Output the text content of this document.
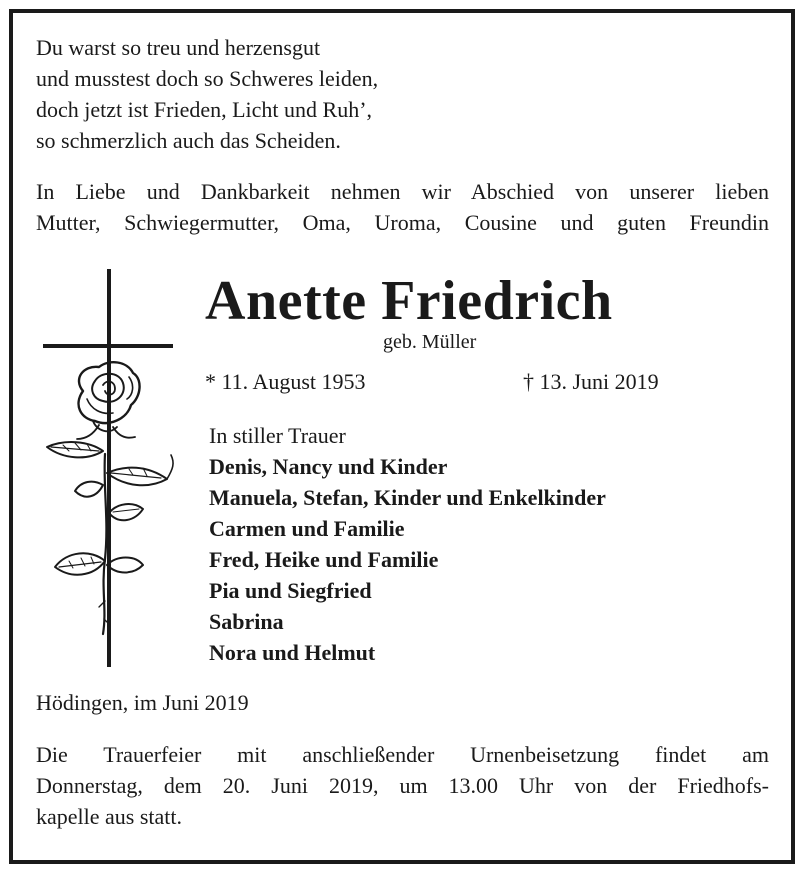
Du warst so treu und herzensgut
und musstest doch so Schweres leiden,
doch jetzt ist Frieden, Licht und Ruh’,
so schmerzlich auch das Scheiden.
In Liebe und Dankbarkeit nehmen wir Abschied von unserer lieben
Mutter, Schwiegermutter, Oma, Uroma, Cousine und guten Freundin
Anette Friedrich
geb. Müller
* 11. August 1953	† 13. Juni 2019
In stiller Trauer
Denis, Nancy und Kinder
Manuela, Stefan, Kinder und Enkelkinder
Carmen und Familie
Fred, Heike und Familie
Pia und Siegfried
Sabrina
Nora und Helmut
Hödingen, im Juni 2019
Die Trauerfeier mit anschließender Urnenbeisetzung findet am
Donnerstag, dem 20. Juni 2019, um 13.00 Uhr von der Friedhofs-
kapelle aus statt.
